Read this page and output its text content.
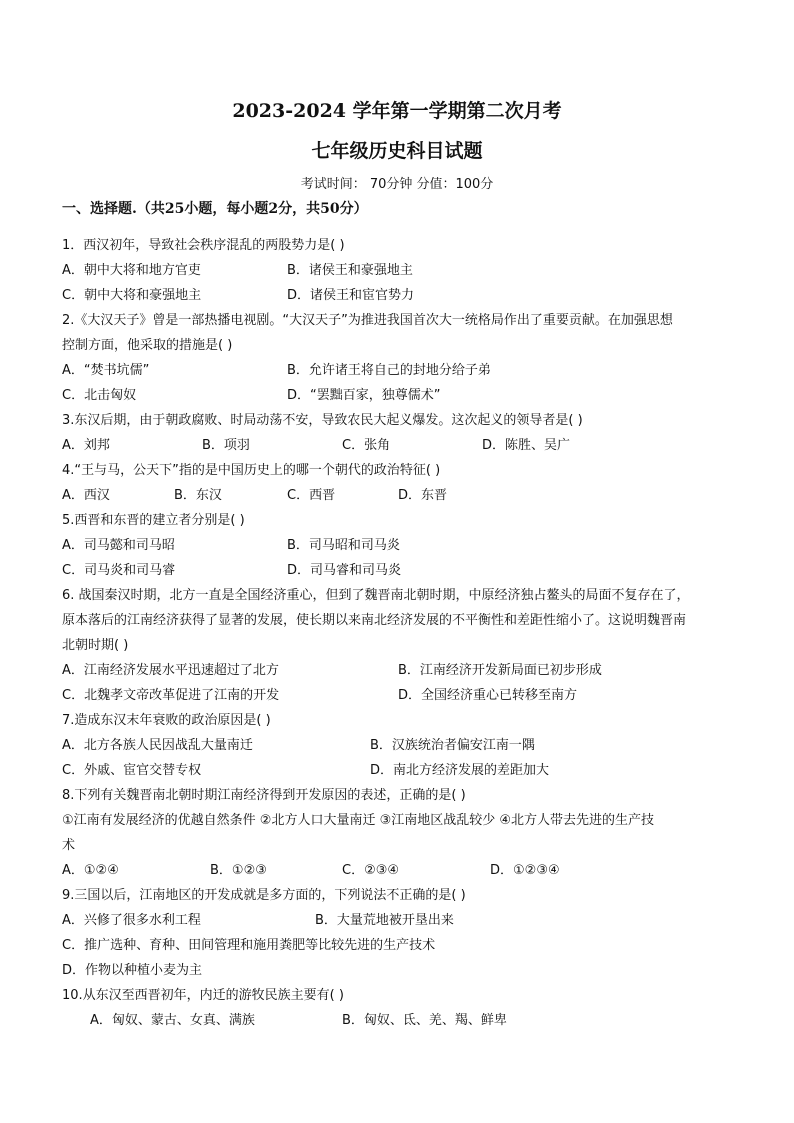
2023-2024 学年第一学期第二次月考
七年级历史科目试题
考试时间： 70分钟 分值：100分
一、选择题.（共25小题，每小题2分，共50分）
1．西汉初年，导致社会秩序混乱的两股势力是( )
A．朝中大将和地方官吏	B．诸侯王和豪强地主
C．朝中大将和豪强地主	D．诸侯王和宦官势力
2.《大汉天子》曾是一部热播电视剧。“大汉天子”为推进我国首次大一统格局作出了重要贡献。在加强思想
控制方面，他采取的措施是( )
A．“焚书坑儒”	B．允许诸王将自己的封地分给子弟
C．北击匈奴	D．“罢黜百家，独尊儒术”
3.东汉后期，由于朝政腐败、时局动荡不安，导致农民大起义爆发。这次起义的领导者是( )
A．刘邦	B．项羽	C．张角	D．陈胜、吴广
4.“王与马，公天下”指的是中国历史上的哪一个朝代的政治特征( )
A．西汉	B．东汉	C．西晋	D．东晋
5.西晋和东晋的建立者分别是( )
A．司马懿和司马昭	B．司马昭和司马炎
C．司马炎和司马睿	D．司马睿和司马炎
6. 战国秦汉时期，北方一直是全国经济重心，但到了魏晋南北朝时期，中原经济独占鳌头的局面不复存在了，
原本落后的江南经济获得了显著的发展，使长期以来南北经济发展的不平衡性和差距性缩小了。这说明魏晋南
北朝时期( )
A．江南经济发展水平迅速超过了北方	B．江南经济开发新局面已初步形成
C．北魏孝文帝改革促进了江南的开发	D．全国经济重心已转移至南方
7.造成东汉末年衰败的政治原因是( )
A．北方各族人民因战乱大量南迁	B．汉族统治者偏安江南一隅
C．外戚、宦官交替专权	D．南北方经济发展的差距加大
8.下列有关魏晋南北朝时期江南经济得到开发原因的表述，正确的是( )
①江南有发展经济的优越自然条件 ②北方人口大量南迁 ③江南地区战乱较少 ④北方人带去先进的生产技
术
A．①②④	B．①②③	C．②③④	D．①②③④
9.三国以后，江南地区的开发成就是多方面的，下列说法不正确的是( )
A．兴修了很多水利工程	B．大量荒地被开垦出来
C．推广选种、育种、田间管理和施用粪肥等比较先进的生产技术
D．作物以种植小麦为主
10.从东汉至西晋初年，内迁的游牧民族主要有( )
A．匈奴、蒙古、女真、满族	B．匈奴、氐、羌、羯、鲜卑
